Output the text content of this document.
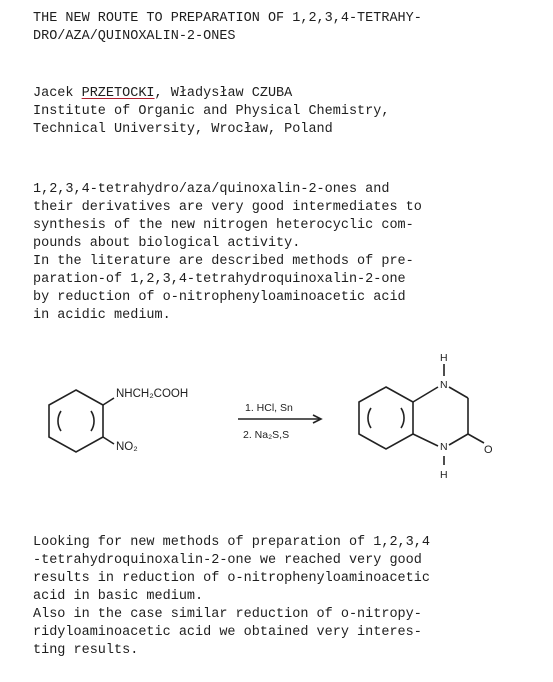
THE NEW ROUTE TO PREPARATION OF 1,2,3,4-TETRAHY-
DRO/AZA/QUINOXALIN-2-ONES
Jacek PRZETOCKI, Władysław CZUBA
Institute of Organic and Physical Chemistry,
Technical University, Wrocław, Poland
1,2,3,4-tetrahydro/aza/quinoxalin-2-ones and
their derivatives are very good intermediates to
synthesis of the new nitrogen heterocyclic com-
pounds about biological activity.
In the literature are described methods of pre-
paration-of 1,2,3,4-tetrahydroquinoxalin-2-one
by reduction of o-nitrophenyloaminoacetic acid
in acidic medium.
NHCH₂COOH
NO₂
1. HCl, Sn
2. Na₂S,S
H
N
N
H
O
Looking for new methods of preparation of 1,2,3,4
-tetrahydroquinoxalin-2-one we reached very good
results in reduction of o-nitrophenyloaminoacetic
acid in basic medium.
Also in the case similar reduction of o-nitropy-
ridyloaminoacetic acid we obtained very interes-
ting results.
